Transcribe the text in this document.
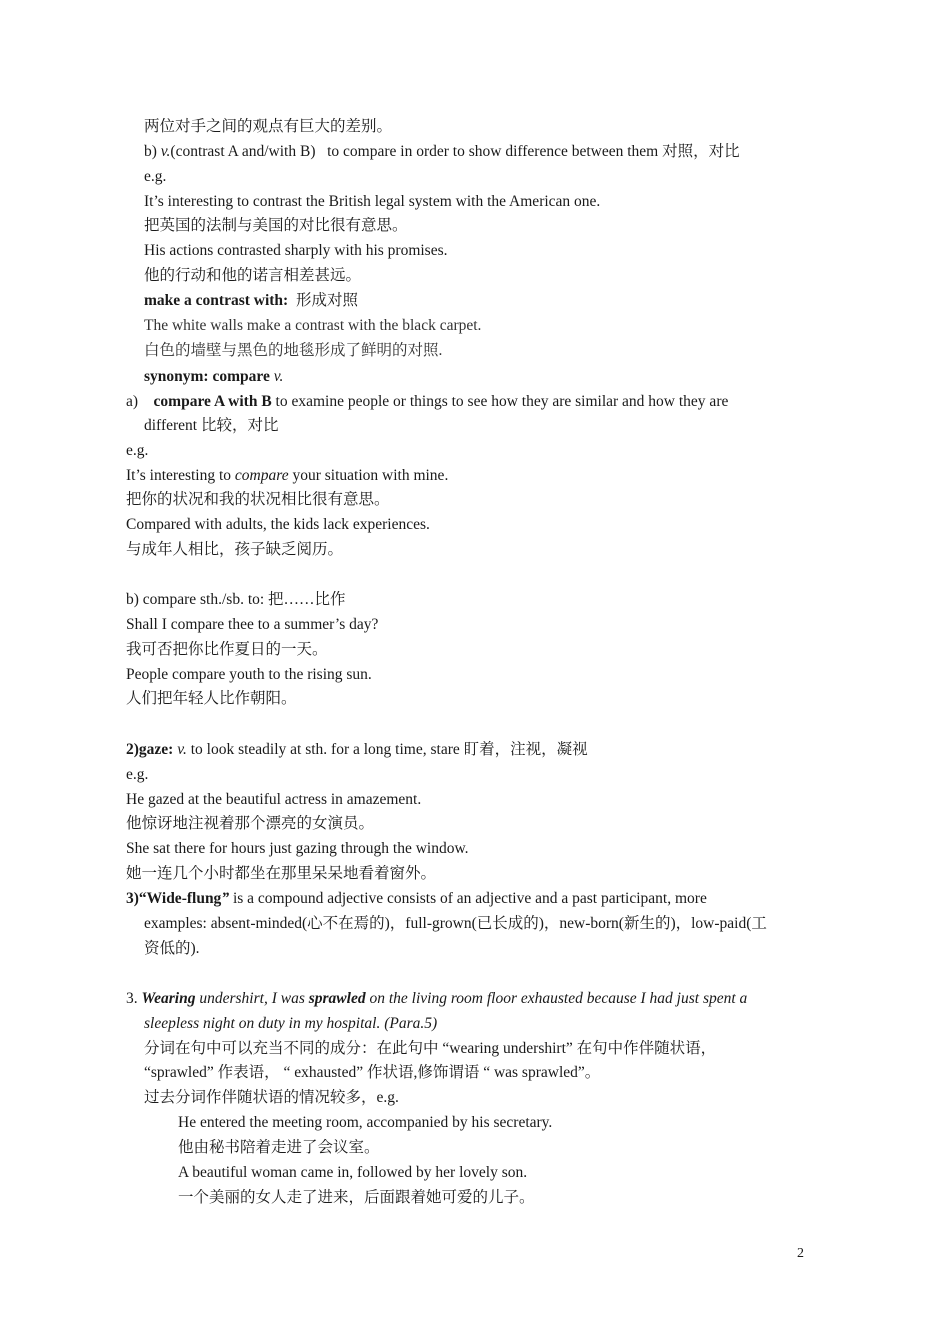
两位对手之间的观点有巨大的差别。
b) v.(contrast A and/with B) to compare in order to show difference between them 对照，对比
e.g.
It’s interesting to contrast the British legal system with the American one.
把英国的法制与美国的对比很有意思。
His actions contrasted sharply with his promises.
他的行动和他的诺言相差甚远。
make a contrast with: 形成对照
The white walls make a contrast with the black carpet.
白色的墙壁与黑色的地毯形成了鲜明的对照.
synonym: compare v.
a) compare A with B to examine people or things to see how they are similar and how they are
different 比较，对比
e.g.
It’s interesting to compare your situation with mine.
把你的状况和我的状况相比很有意思。
Compared with adults, the kids lack experiences.
与成年人相比，孩子缺乏阅历。
b) compare sth./sb. to: 把……比作
Shall I compare thee to a summer’s day?
我可否把你比作夏日的一天。
People compare youth to the rising sun.
人们把年轻人比作朝阳。
2)gaze: v. to look steadily at sth. for a long time, stare 盯着，注视，凝视
e.g.
He gazed at the beautiful actress in amazement.
他惊讶地注视着那个漂亮的女演员。
She sat there for hours just gazing through the window.
她一连几个小时都坐在那里呆呆地看着窗外。
3)“Wide-flung” is a compound adjective consists of an adjective and a past participant, more
examples: absent-minded(心不在焉的)，full-grown(已长成的)，new-born(新生的)，low-paid(工
资低的).
3. Wearing undershirt, I was sprawled on the living room floor exhausted because I had just spent a
sleepless night on duty in my hospital. (Para.5)
分词在句中可以充当不同的成分：在此句中 “wearing undershirt” 在句中作伴随状语，
“sprawled” 作表语， “ exhausted” 作状语,修饰谓语 “ was sprawled”。
过去分词作伴随状语的情况较多，e.g.
He entered the meeting room, accompanied by his secretary.
他由秘书陪着走进了会议室。
A beautiful woman came in, followed by her lovely son.
一个美丽的女人走了进来，后面跟着她可爱的儿子。
2
